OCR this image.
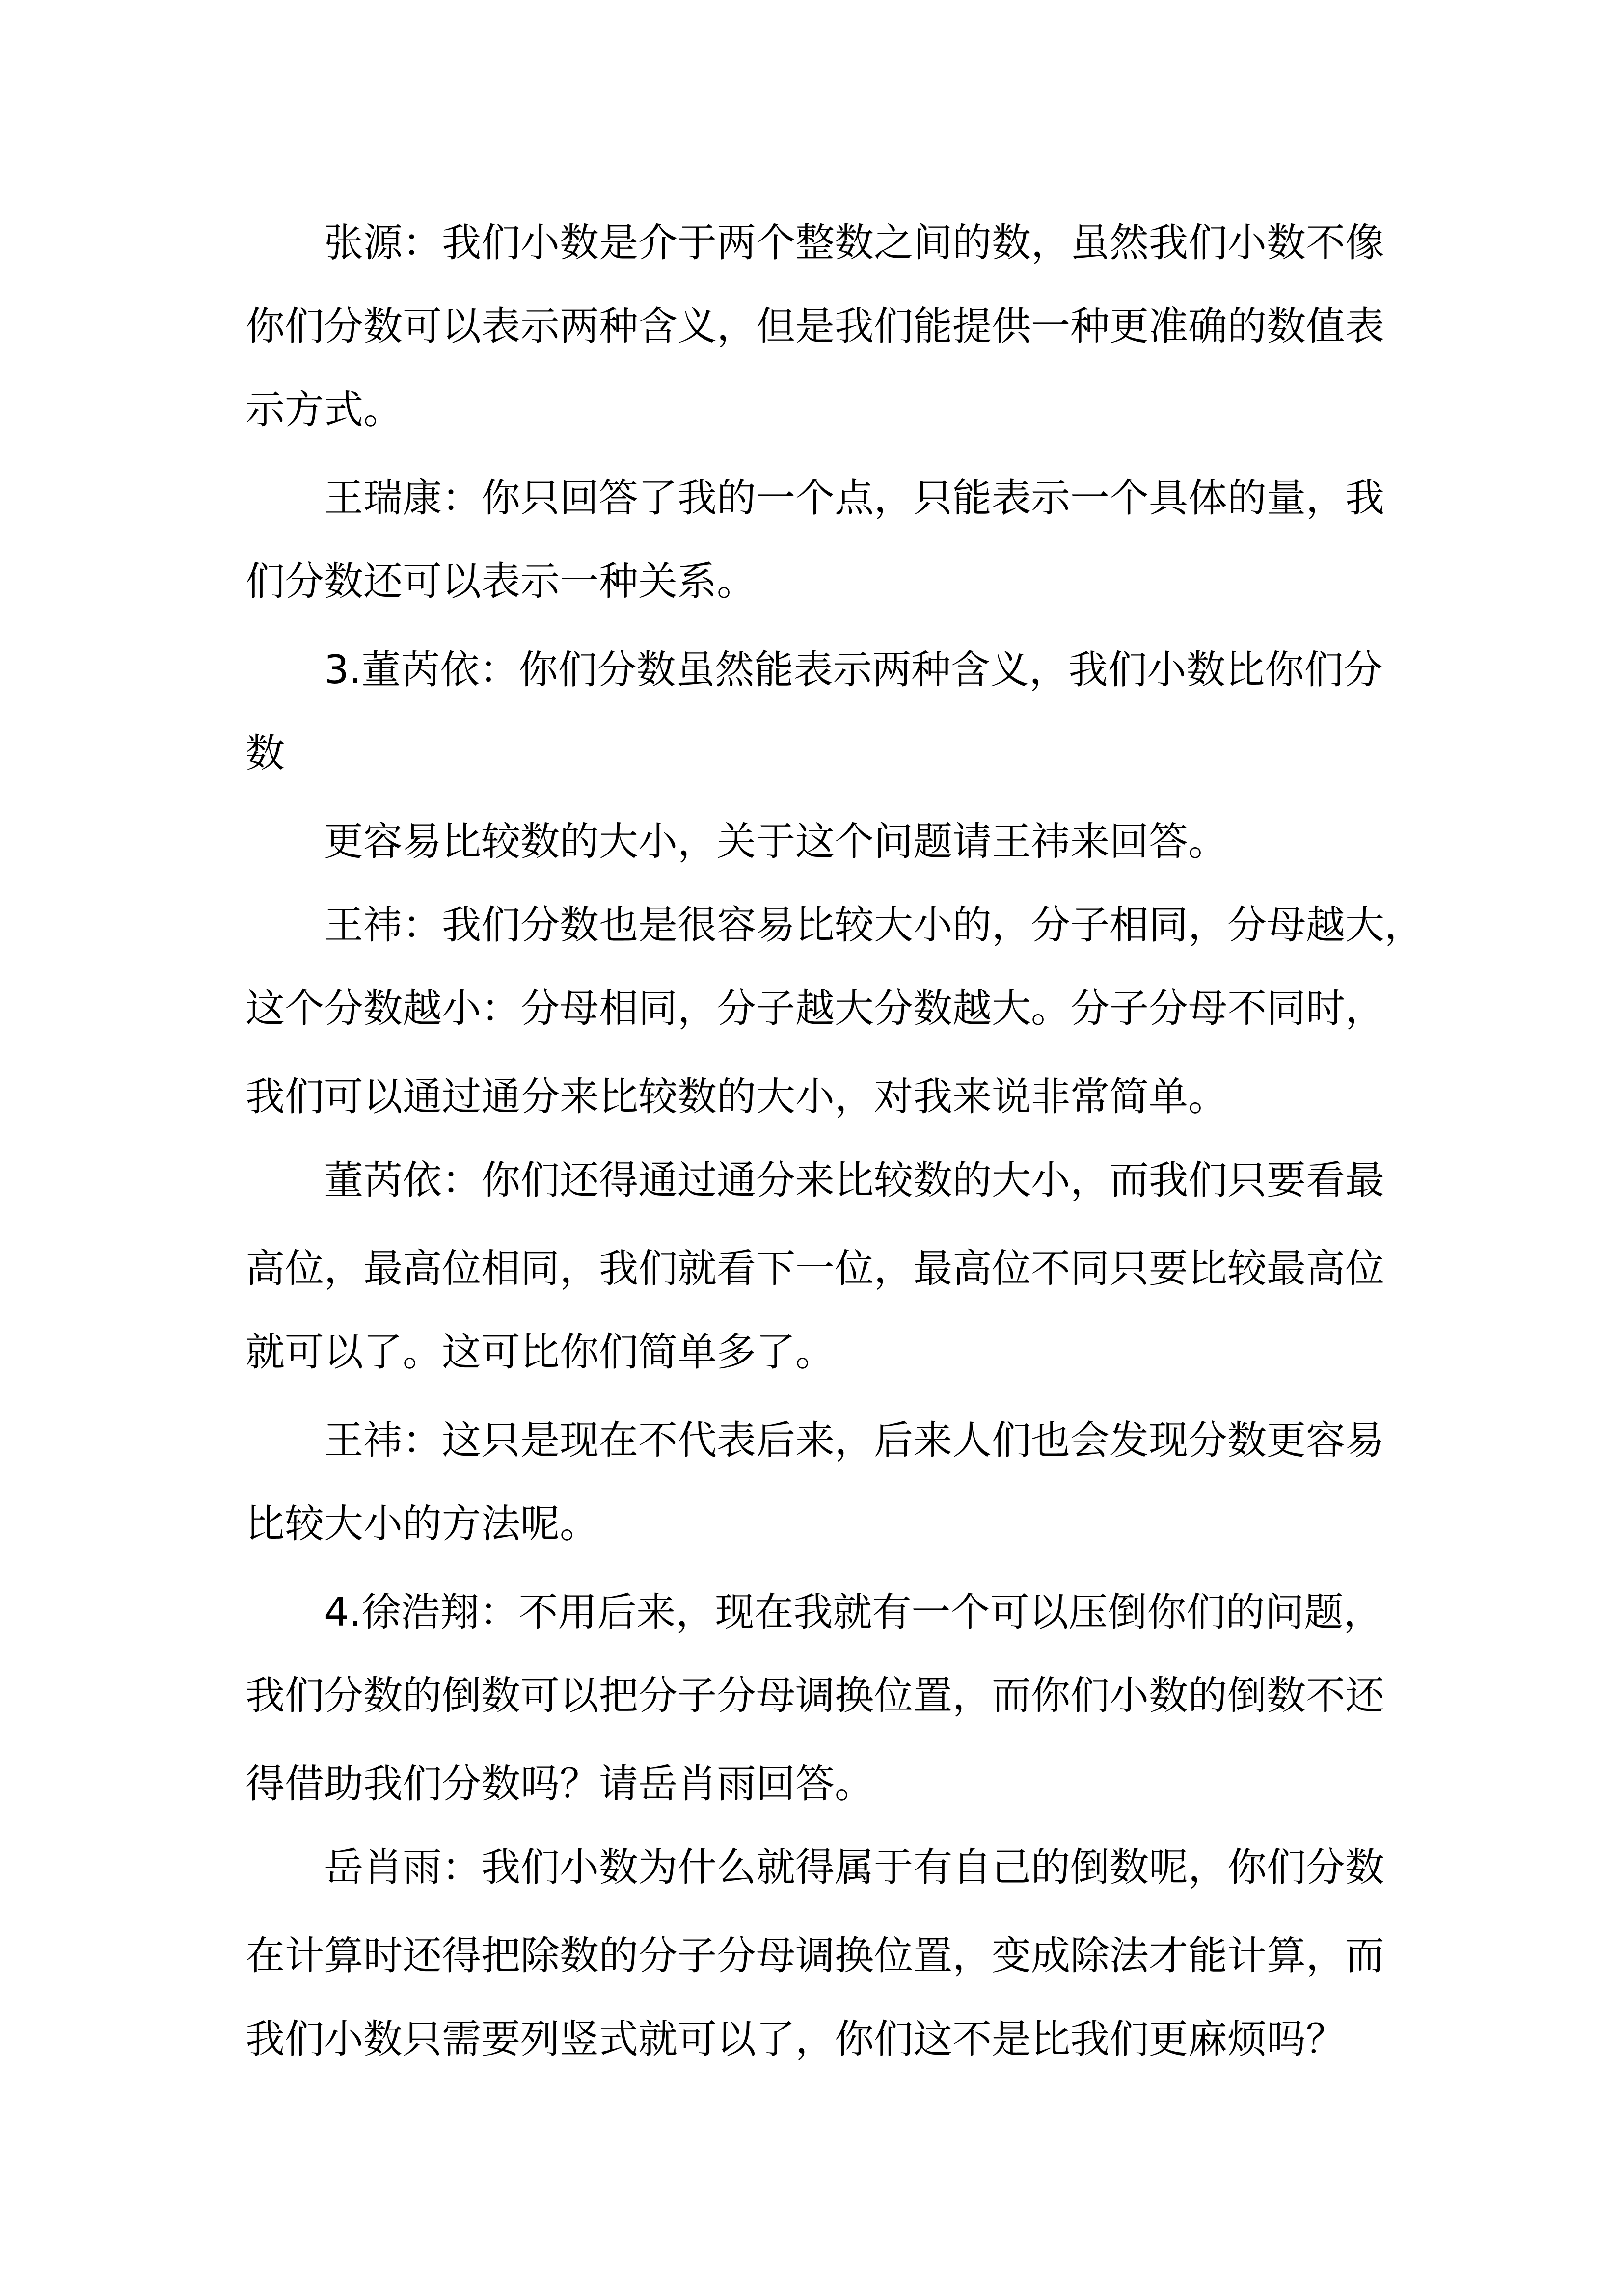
张源：我们小数是介于两个整数之间的数，虽然我们小数不像
你们分数可以表示两种含义，但是我们能提供一种更准确的数值表
示方式。
王瑞康：你只回答了我的一个点，只能表示一个具体的量，我
们分数还可以表示一种关系。
3.董芮依：你们分数虽然能表示两种含义，我们小数比你们分
数
更容易比较数的大小，关于这个问题请王祎来回答。
王祎：我们分数也是很容易比较大小的，分子相同，分母越大，
这个分数越小：分母相同，分子越大分数越大。分子分母不同时，
我们可以通过通分来比较数的大小，对我来说非常简单。
董芮依：你们还得通过通分来比较数的大小，而我们只要看最
高位，最高位相同，我们就看下一位，最高位不同只要比较最高位
就可以了。这可比你们简单多了。
王祎：这只是现在不代表后来，后来人们也会发现分数更容易
比较大小的方法呢。
4.徐浩翔：不用后来，现在我就有一个可以压倒你们的问题，
我们分数的倒数可以把分子分母调换位置，而你们小数的倒数不还
得借助我们分数吗？请岳肖雨回答。
岳肖雨：我们小数为什么就得属于有自己的倒数呢，你们分数
在计算时还得把除数的分子分母调换位置，变成除法才能计算，而
我们小数只需要列竖式就可以了，你们这不是比我们更麻烦吗？
